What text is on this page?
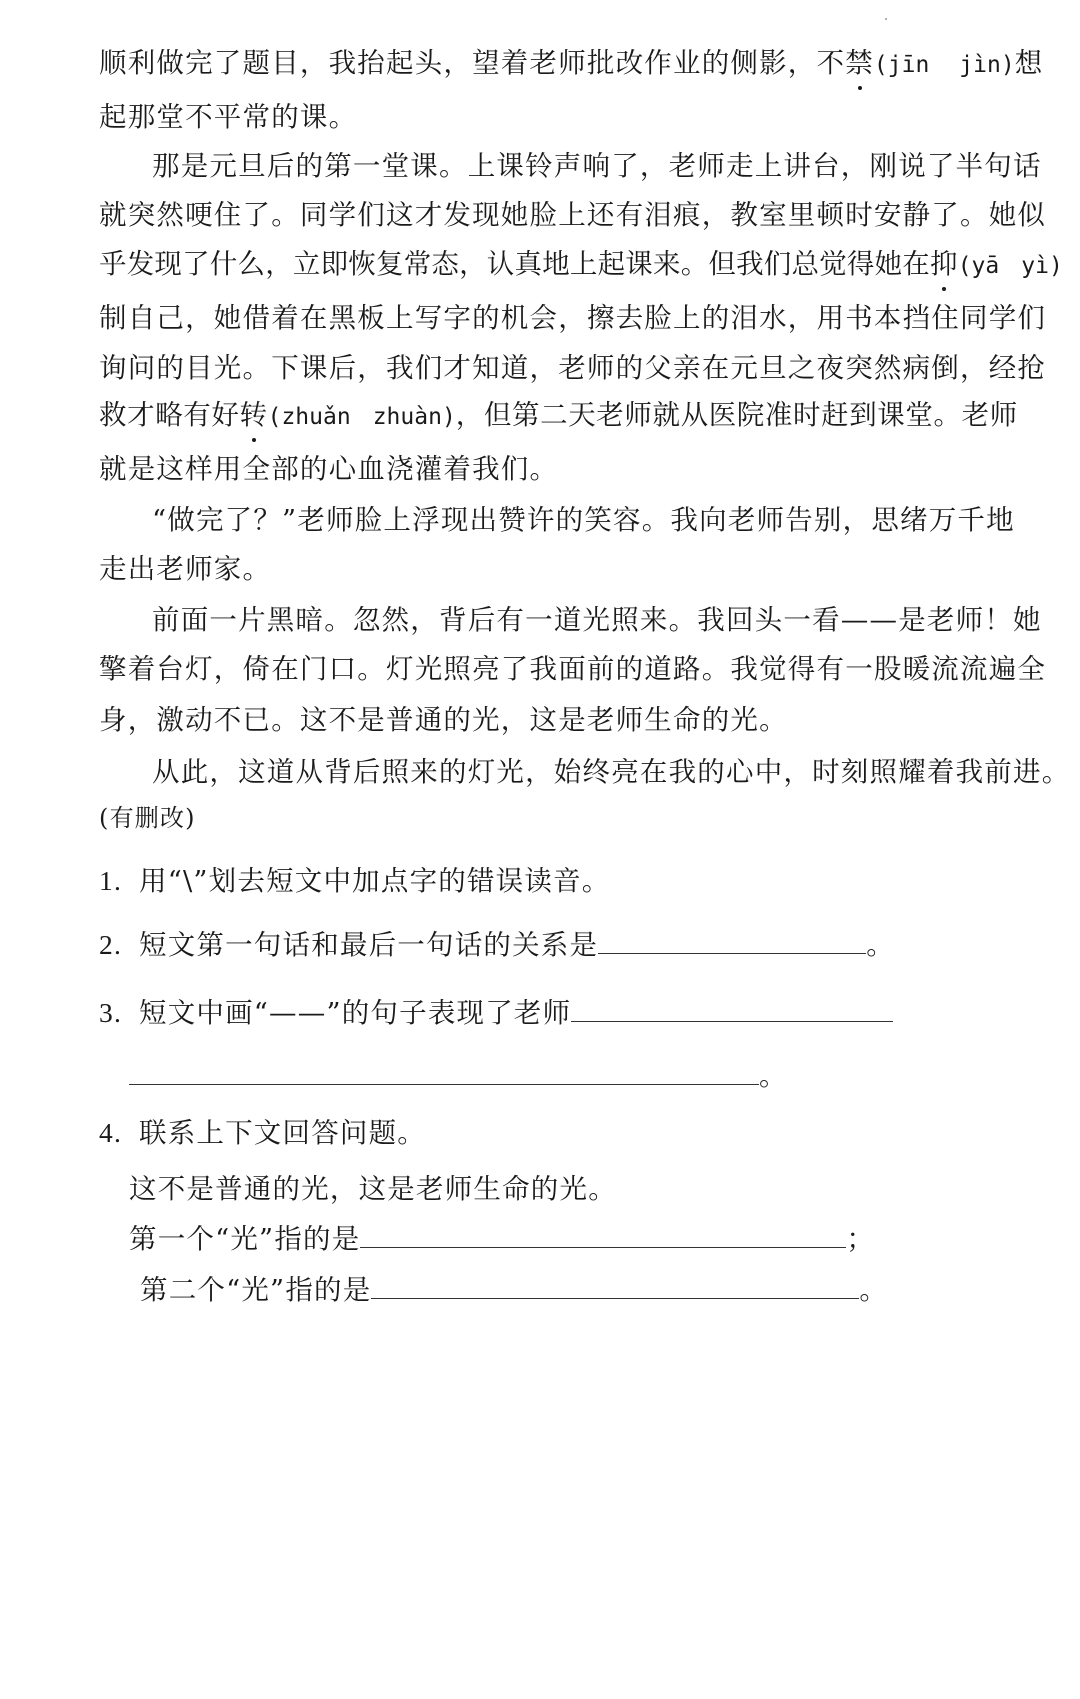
顺利做完了题目，我抬起头，望着老师批改作业的侧影，不禁(jīn jìn)想
起那堂不平常的课。
那是元旦后的第一堂课。上课铃声响了，老师走上讲台，刚说了半句话
就突然哽住了。同学们这才发现她脸上还有泪痕，教室里顿时安静了。她似
乎发现了什么，立即恢复常态，认真地上起课来。但我们总觉得她在抑(yā yì)
制自己，她借着在黑板上写字的机会，擦去脸上的泪水，用书本挡住同学们
询问的目光。下课后，我们才知道，老师的父亲在元旦之夜突然病倒，经抢
救才略有好转(zhuǎn zhuàn)，但第二天老师就从医院准时赶到课堂。老师
就是这样用全部的心血浇灌着我们。
“做完了？”老师脸上浮现出赞许的笑容。我向老师告别，思绪万千地
走出老师家。
前面一片黑暗。忽然，背后有一道光照来。我回头一看——是老师！她
擎着台灯，倚在门口。灯光照亮了我面前的道路。我觉得有一股暖流流遍全
身，激动不已。这不是普通的光，这是老师生命的光。
从此，这道从背后照来的灯光，始终亮在我的心中，时刻照耀着我前进。
(有删改)
1. 用“\”划去短文中加点字的错误读音。
2. 短文第一句话和最后一句话的关系是	。
3. 短文中画“——”的句子表现了老师
。
4. 联系上下文回答问题。
这不是普通的光，这是老师生命的光。
第一个“光”指的是	；
第二个“光”指的是	。
